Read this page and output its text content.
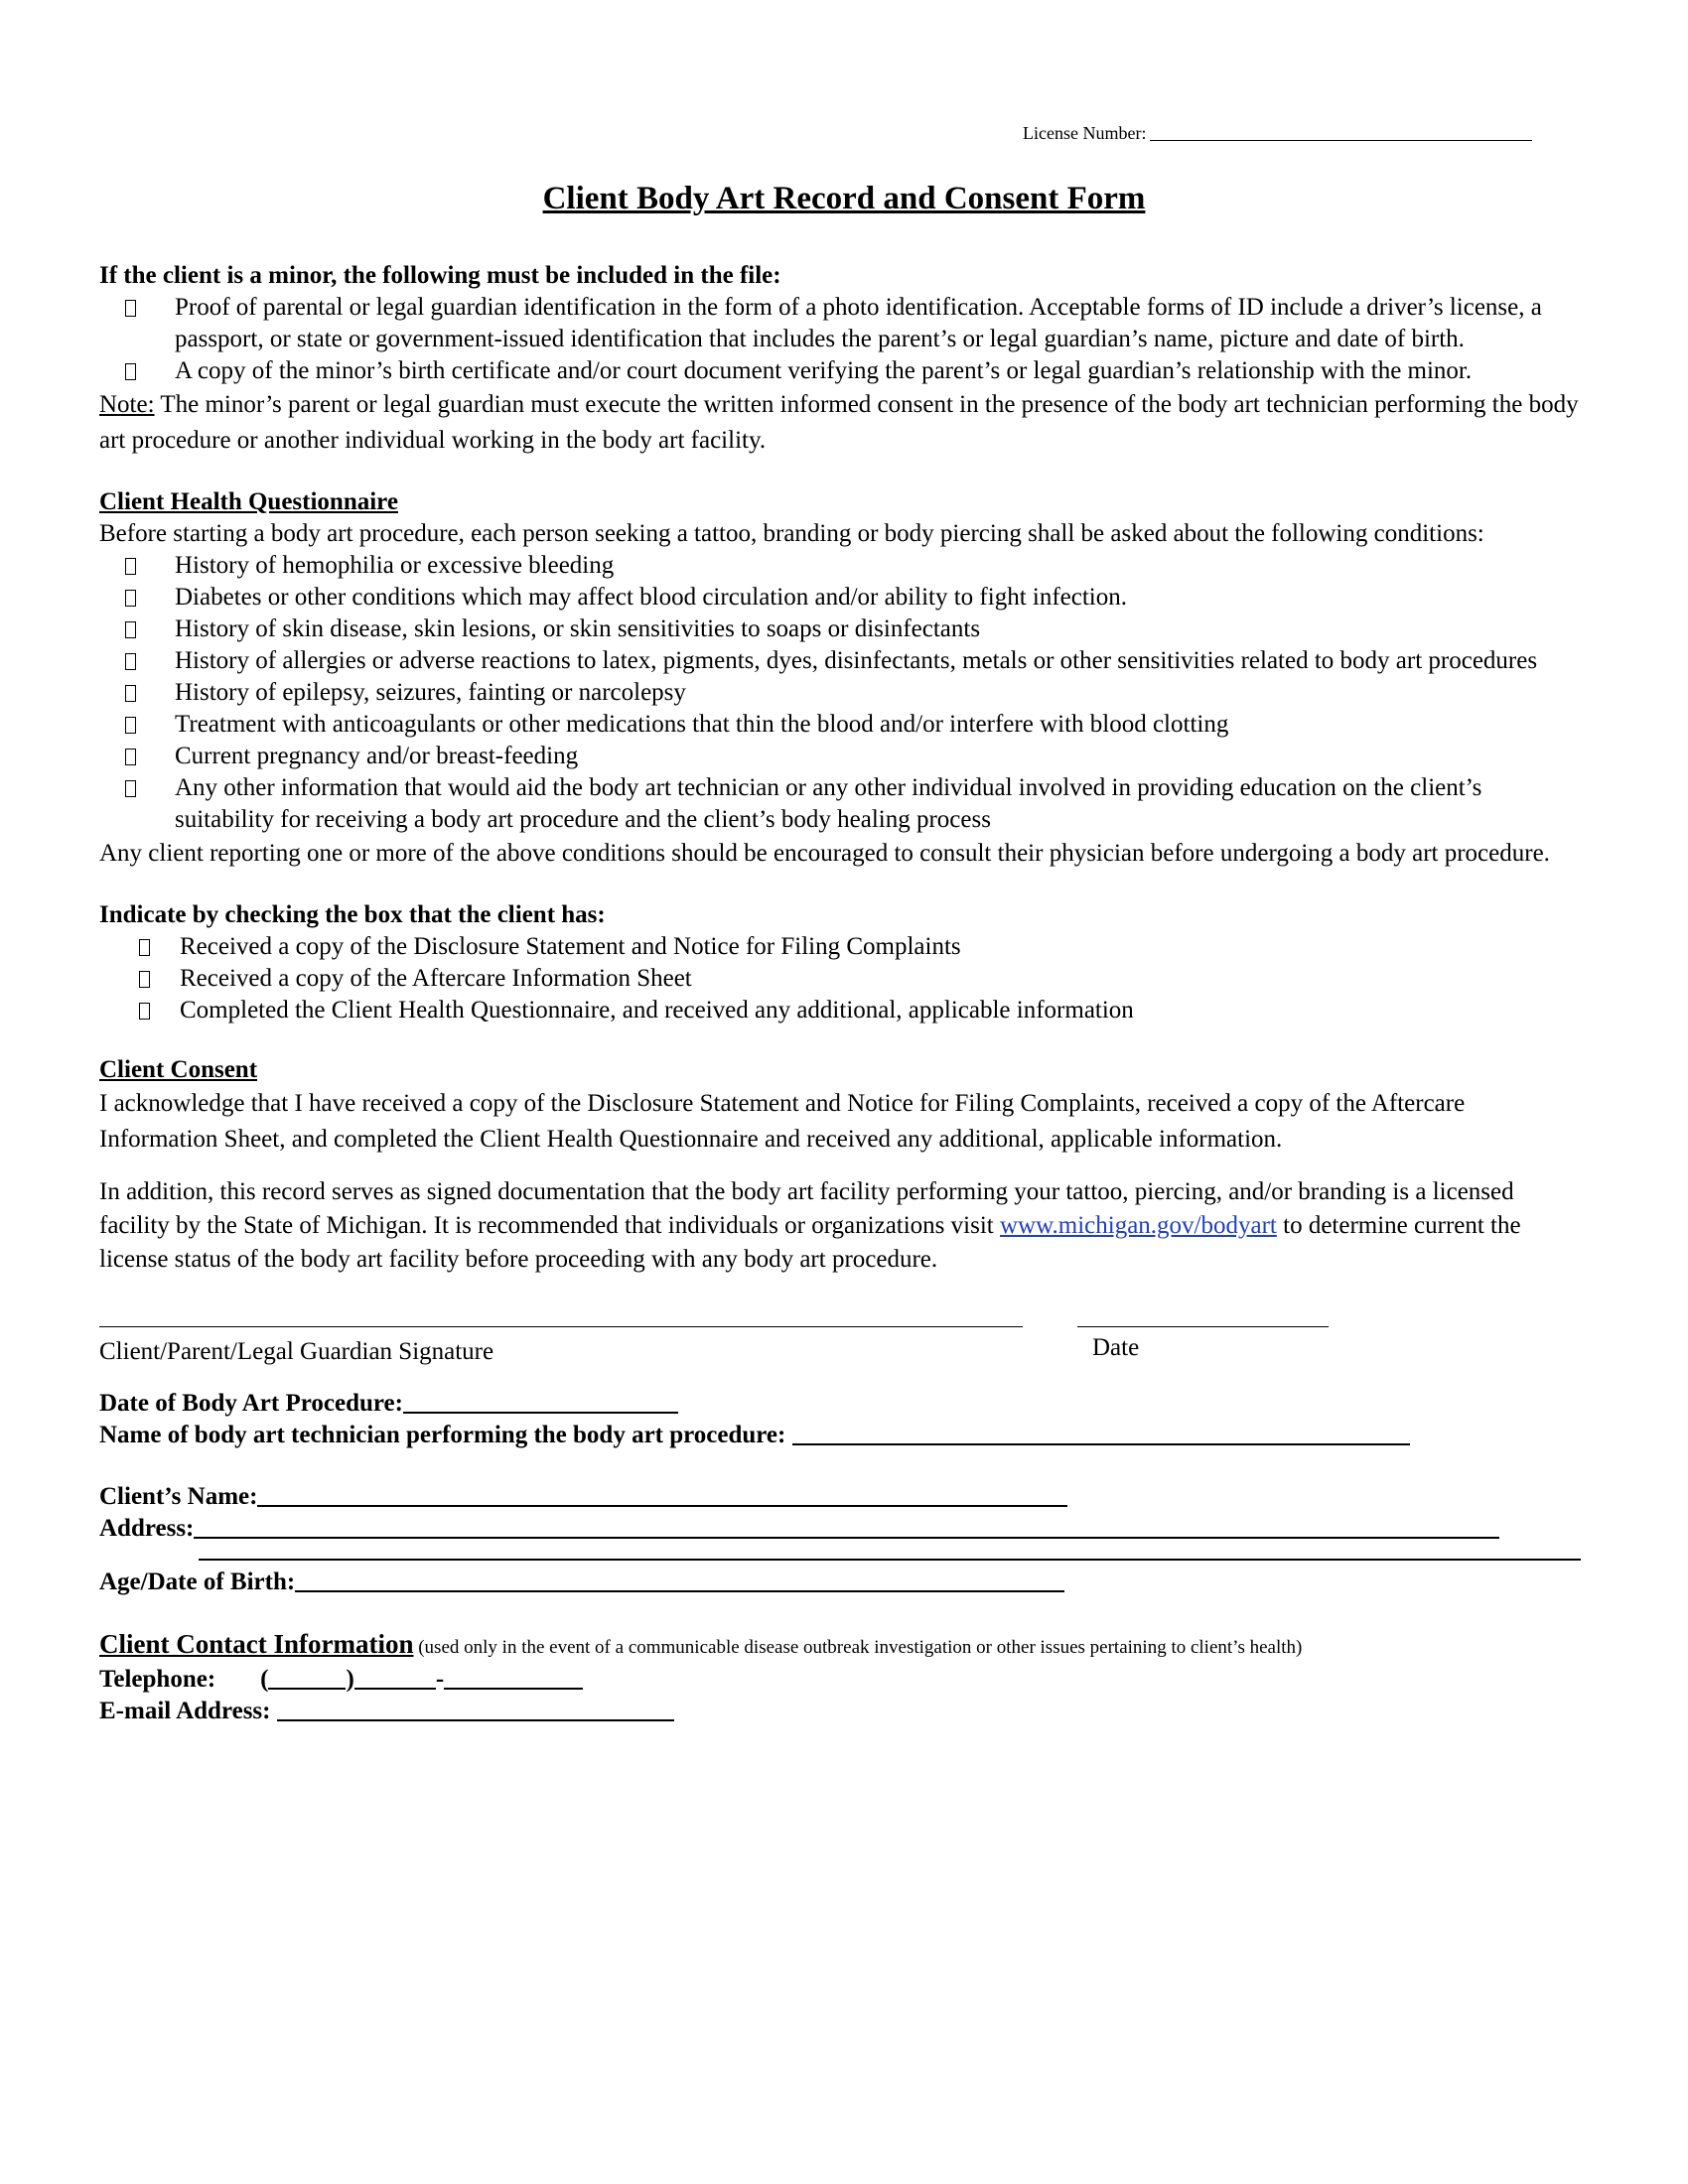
License Number:
Client Body Art Record and Consent Form

If the client is a minor, the following must be included in the file:

Proof of parental or legal guardian identification in the form of a photo identification. Acceptable forms of ID include a driver’s license, a passport, or state or government-issued identification that includes the parent’s or legal guardian’s name, picture and date of birth.
A copy of the minor’s birth certificate and/or court document verifying the parent’s or legal guardian’s relationship with the minor.

Note: The minor’s parent or legal guardian must execute the written informed consent in the presence of the body art technician performing the body art procedure or another individual working in the body art facility.

Client Health Questionnaire

Before starting a body art procedure, each person seeking a tattoo, branding or body piercing shall be asked about the following conditions:

History of hemophilia or excessive bleeding
Diabetes or other conditions which may affect blood circulation and/or ability to fight infection.
History of skin disease, skin lesions, or skin sensitivities to soaps or disinfectants
History of allergies or adverse reactions to latex, pigments, dyes, disinfectants, metals or other sensitivities related to body art procedures
History of epilepsy, seizures, fainting or narcolepsy
Treatment with anticoagulants or other medications that thin the blood and/or interfere with blood clotting
Current pregnancy and/or breast-feeding
Any other information that would aid the body art technician or any other individual involved in providing education on the client’s suitability for receiving a body art procedure and the client’s body healing process

Any client reporting one or more of the above conditions should be encouraged to consult their physician before undergoing a body art procedure.

Indicate by checking the box that the client has:

Received a copy of the Disclosure Statement and Notice for Filing Complaints
Received a copy of the Aftercare Information Sheet
Completed the Client Health Questionnaire, and received any additional, applicable information

Client Consent

I acknowledge that I have received a copy of the Disclosure Statement and Notice for Filing Complaints, received a copy of the Aftercare Information Sheet, and completed the Client Health Questionnaire and received any additional, applicable information.

In addition, this record serves as signed documentation that the body art facility performing your tattoo, piercing, and/or branding is a licensed facility by the State of Michigan. It is recommended that individuals or organizations visit www.michigan.gov/bodyart to determine current the license status of the body art facility before proceeding with any body art procedure.

Client/Parent/Legal Guardian Signature	Date
Date of Body Art Procedure:
Name of body art technician performing the body art procedure:
Client’s Name:
Address:
Age/Date of Birth:
Client Contact Information (used only in the event of a communicable disease outbreak investigation or other issues pertaining to client’s health)
Telephone: (	)	-
E-mail Address:
